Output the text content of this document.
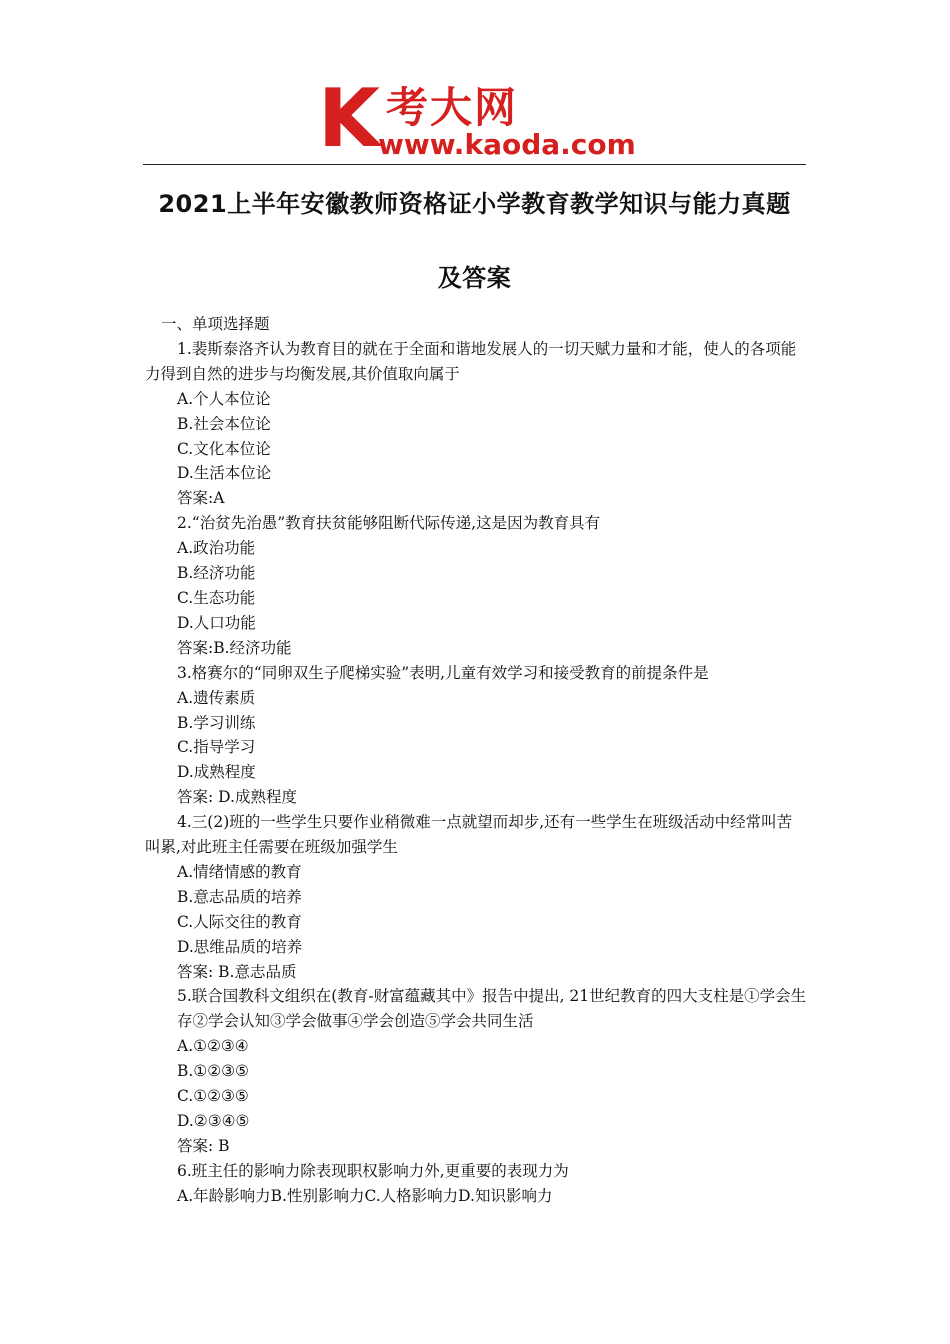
K 考大网
www.kaoda.com
2021上半年安徽教师资格证小学教育教学知识与能力真题
及答案

一、单项选择题

1.裴斯泰洛齐认为教育目的就在于全面和谐地发展人的一切天赋力量和才能，使人的各项能力得到自然的进步与均衡发展,其价值取向属于

A.个人本位论

B.社会本位论

C.文化本位论

D.生活本位论

答案:A

2.“治贫先治愚”教育扶贫能够阻断代际传递,这是因为教育具有

A.政治功能

B.经济功能

C.生态功能

D.人口功能

答案:B.经济功能

3.格赛尔的“同卵双生子爬梯实验”表明,儿童有效学习和接受教育的前提条件是

A.遗传素质

B.学习训练

C.指导学习

D.成熟程度

答案: D.成熟程度

4.三(2)班的一些学生只要作业稍微难一点就望而却步,还有一些学生在班级活动中经常叫苦叫累,对此班主任需要在班级加强学生

A.情绪情感的教育

B.意志品质的培养

C.人际交往的教育

D.思维品质的培养

答案: B.意志品质

5.联合国教科文组织在(教育-财富蕴藏其中》报告中提出, 21世纪教育的四大支柱是①学会生存②学会认知③学会做事④学会创造⑤学会共同生活

A.①②③④

B.①②③⑤

C.①②③⑤

D.②③④⑤

答案: B

6.班主任的影响力除表现职权影响力外,更重要的表现力为

A.年龄影响力B.性别影响力C.人格影响力D.知识影响力
